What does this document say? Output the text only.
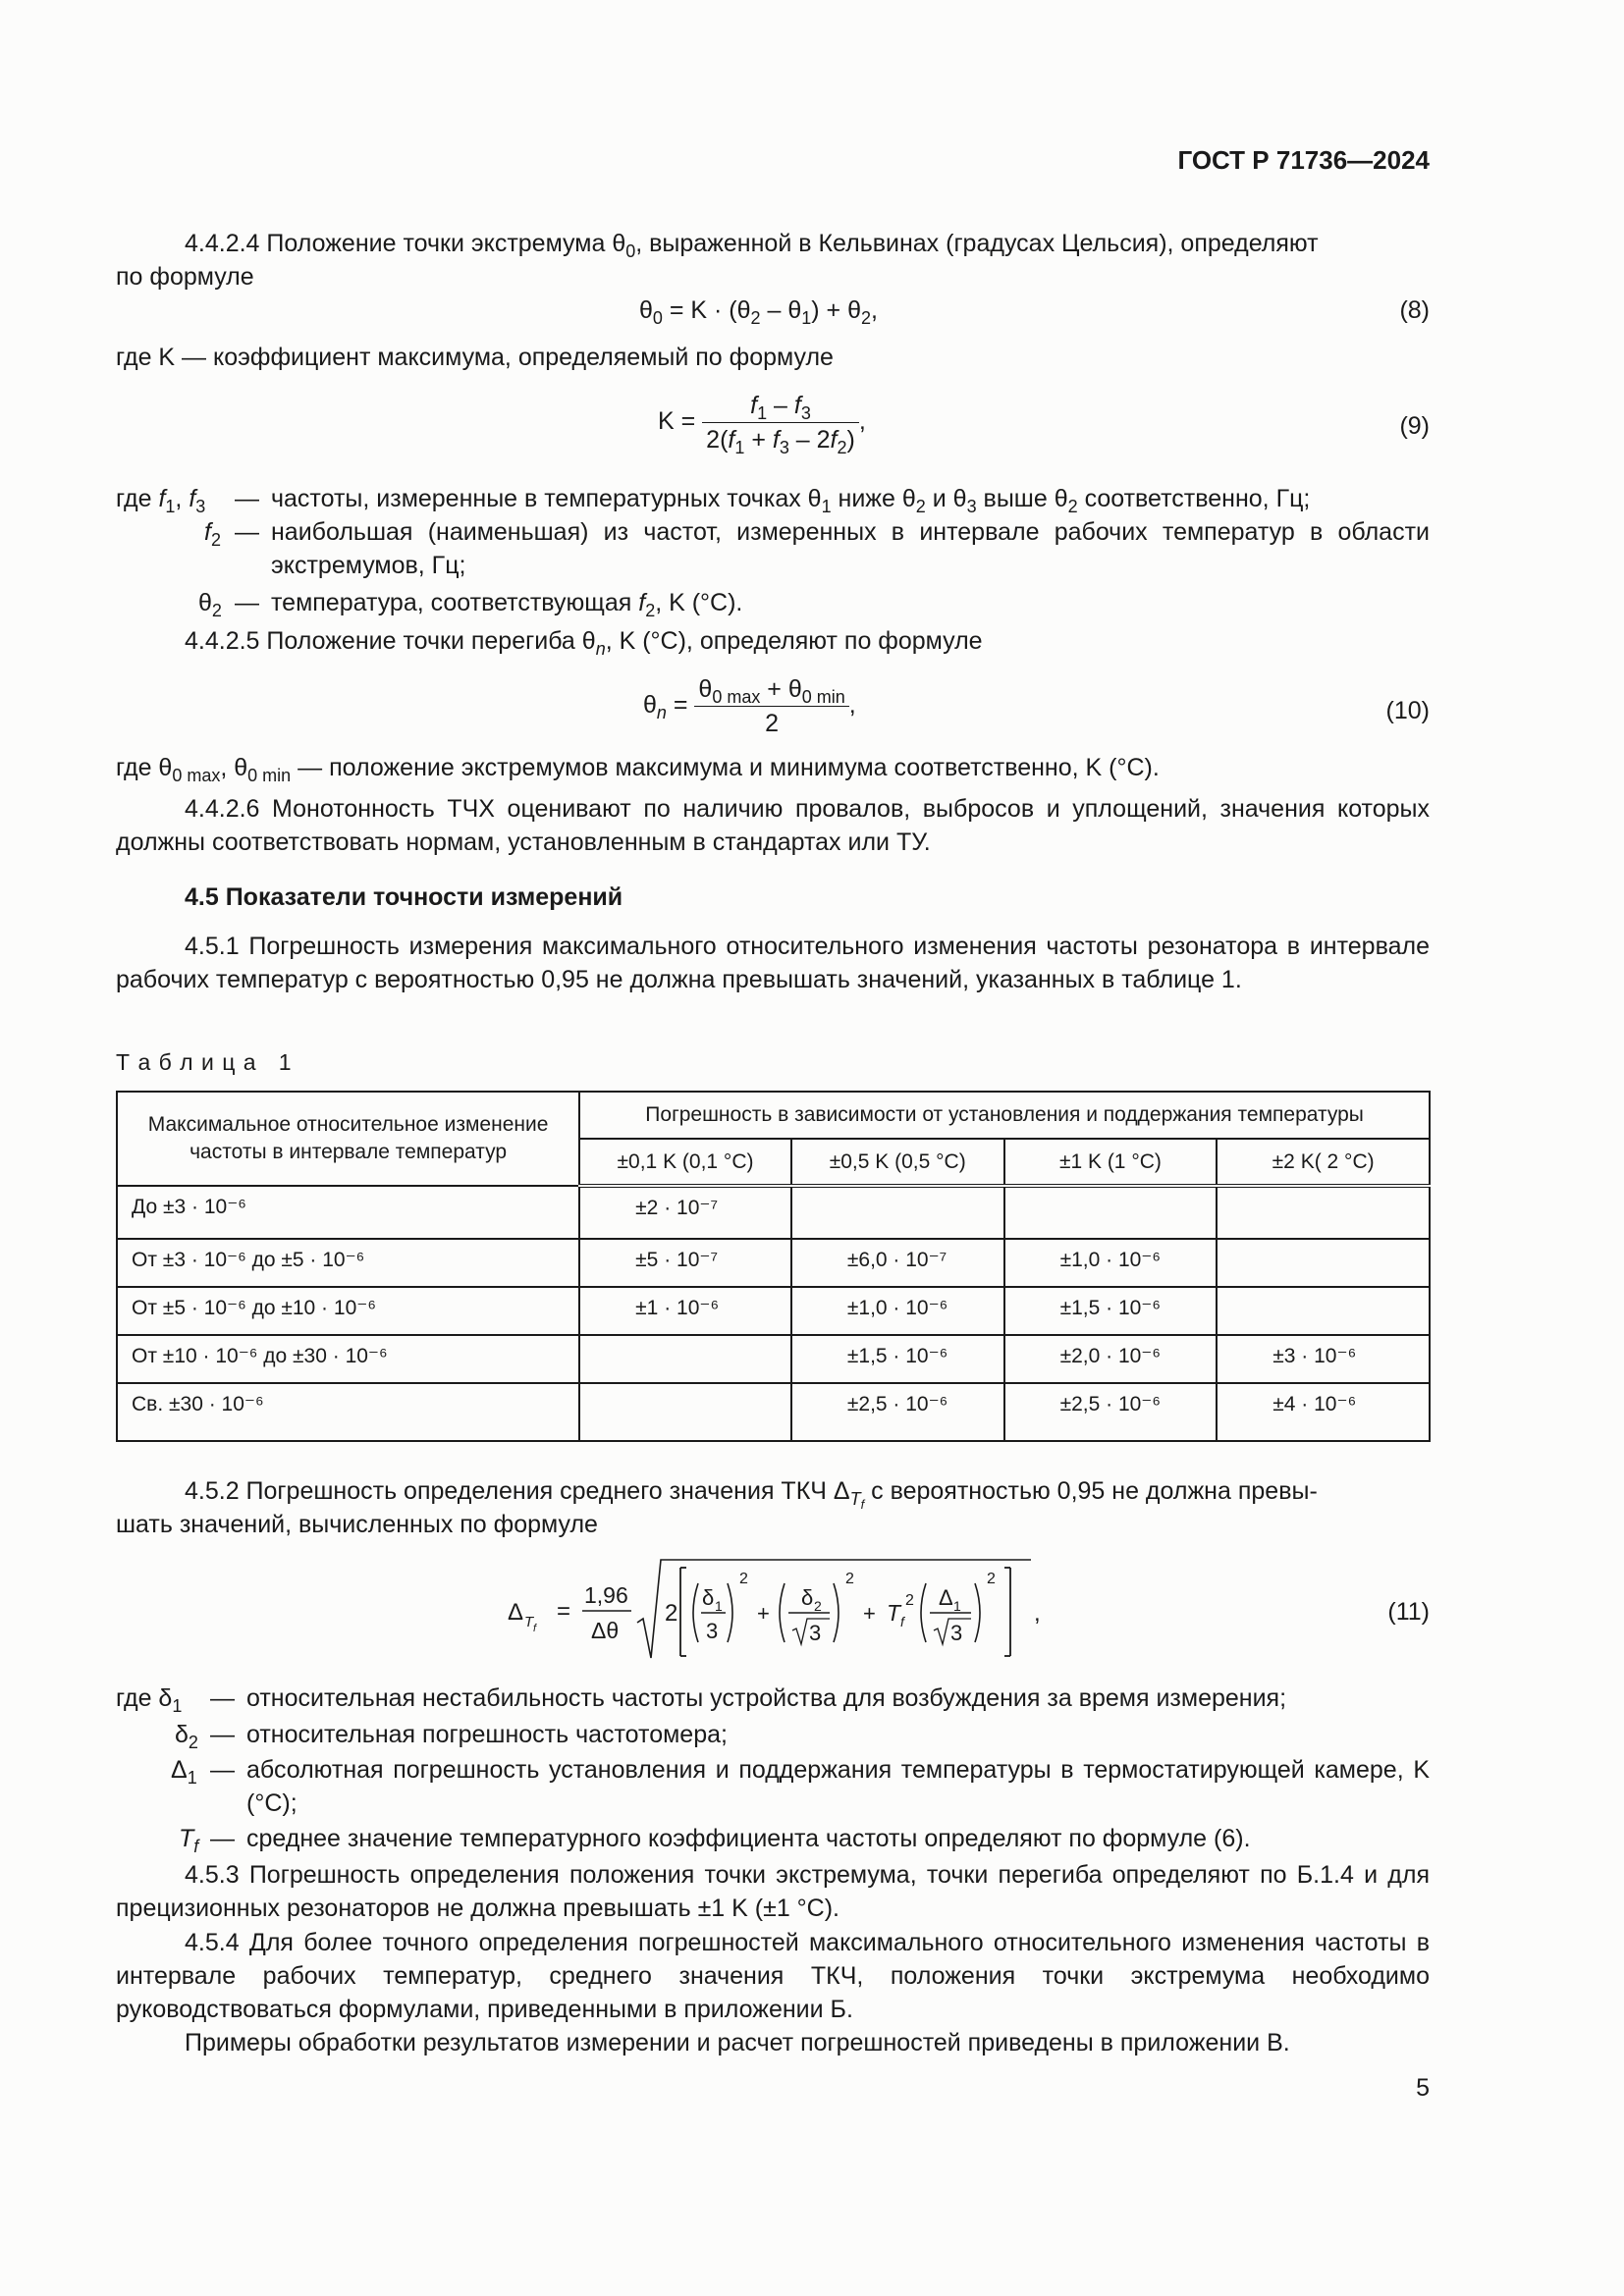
ГОСТ Р 71736—2024
4.4.2.4 Положение точки экстремума $\theta_0$, выраженной в Кельвинах (градусах Цельсия), определяют
по формуле
$\theta_0 = K \cdot (\theta_2 - \theta_1) + \theta_2$,	(8)
где K — коэффициент максимума, определяемый по формуле
$K = \frac{f_1 - f_3}{2(f_1 + f_3 - 2f_2)}$ ,	(9)
где $f_1$, $f_3$ — частоты, измеренные в температурных точках $\theta_1$ ниже $\theta_2$ и $\theta_3$ выше $\theta_2$ соответственно, Гц;
$f_2$ — наибольшая (наименьшая) из частот, измеренных в интервале рабочих температур в области экстремумов, Гц;
$\theta_2$ — температура, соответствующая $f_2$, K (°C).
4.4.2.5 Положение точки перегиба $\theta_n$, K (°C), определяют по формуле
$\theta_n = \frac{\theta_{0 max} + \theta_{0 min}}{2}$ ,	(10)
где $\theta_{0 max}$, $\theta_{0 min}$ — положение экстремумов максимума и минимума соответственно, K (°C).
4.4.2.6 Монотонность ТЧХ оценивают по наличию провалов, выбросов и уплощений, значения которых должны соответствовать нормам, установленным в стандартах или ТУ.
4.5 Показатели точности измерений
4.5.1 Погрешность измерения максимального относительного изменения частоты резонатора в интервале рабочих температур с вероятностью 0,95 не должна превышать значений, указанных в таблице 1.
Т а б л и ц а   1
Максимальное относительное изменение частоты в интервале температур	Погрешность в зависимости от установления и поддержания температуры			
	±0,1 K (0,1 °C)	±0,5 K (0,5 °C)	±1 K (1 °C)	±2 K( 2 °C)
До ±3 · 10⁻⁶	±2 · 10⁻⁷			
От ±3 · 10⁻⁶ до ±5 · 10⁻⁶	±5 · 10⁻⁷	±6,0 · 10⁻⁷	±1,0 · 10⁻⁶	
От ±5 · 10⁻⁶ до ±10 · 10⁻⁶	±1 · 10⁻⁶	±1,0 · 10⁻⁶	±1,5 · 10⁻⁶	
От ±10 · 10⁻⁶ до ±30 · 10⁻⁶		±1,5 · 10⁻⁶	±2,0 · 10⁻⁶	±3 · 10⁻⁶
Св. ±30 · 10⁻⁶		±2,5 · 10⁻⁶	±2,5 · 10⁻⁶	±4 · 10⁻⁶
4.5.2 Погрешность определения среднего значения ТКЧ $\Delta_{T_f}$ с вероятностью 0,95 не должна превы-
шать значений, вычисленных по формуле
Δ T f
=
1,96
Δθ
2
δ 1
3
2
+
δ 2
3
2
+ T f
2 Δ 1
3
2
,	(11)
где $\delta_1$ — относительная нестабильность частоты устройства для возбуждения за время измерения;
$\delta_2$ — относительная погрешность частотомера;
$\Delta_1$ — абсолютная погрешность установления и поддержания температуры в термостатирующей камере, K (°C);
$T_f$ — среднее значение температурного коэффициента частоты определяют по формуле (6).
4.5.3 Погрешность определения положения точки экстремума, точки перегиба определяют по Б.1.4 и для прецизионных резонаторов не должна превышать ±1 K (±1 °C).
4.5.4 Для более точного определения погрешностей максимального относительного изменения частоты в интервале рабочих температур, среднего значения ТКЧ, положения точки экстремума необходимо руководствоваться формулами, приведенными в приложении Б.
Примеры обработки результатов измерении и расчет погрешностей приведены в приложении В.
5
